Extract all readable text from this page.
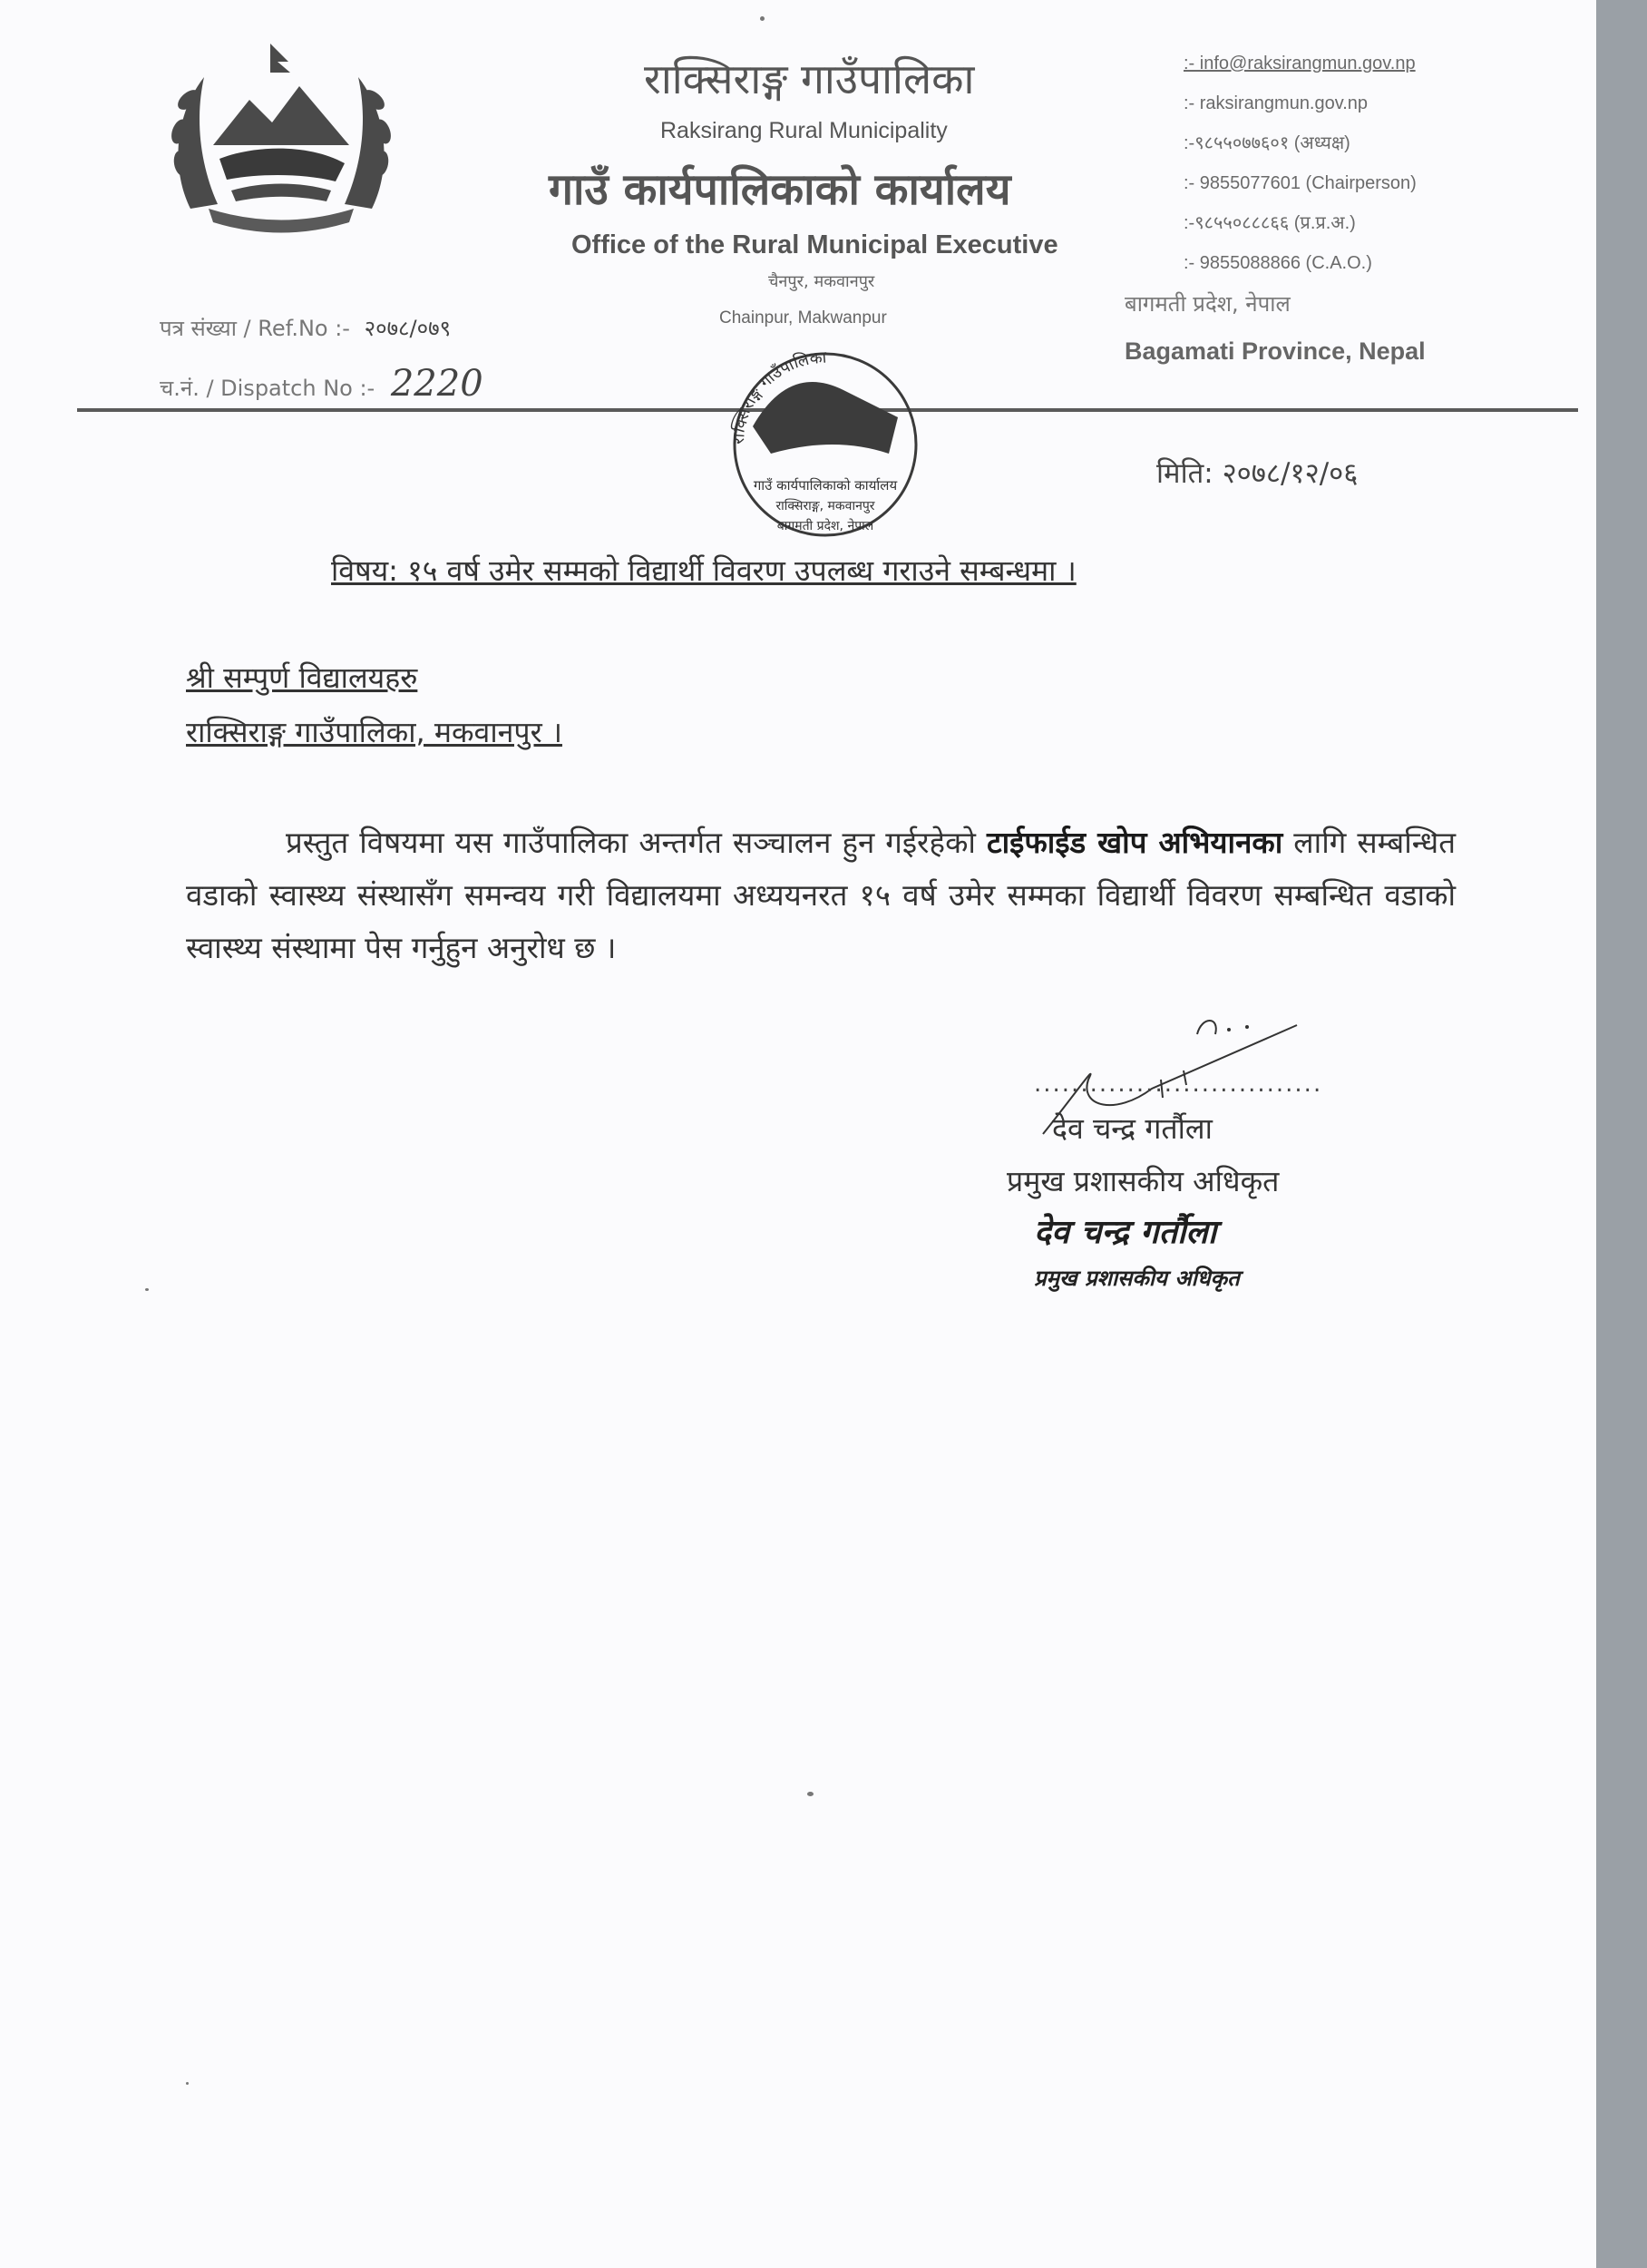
राक्सिराङ्ग गाउँपालिका
Raksirang Rural Municipality
गाउँ कार्यपालिकाको कार्यालय
Office of the Rural Municipal Executive
चैनपुर, मकवानपुर
Chainpur, Makwanpur
:- info@raksirangmun.gov.np
:- raksirangmun.gov.np
:-९८५५०७७६०१ (अध्यक्ष)
:- 9855077601 (Chairperson)
:-९८५५०८८८६६ (प्र.प्र.अ.)
:- 9855088866 (C.A.O.)
पत्र संख्या / Ref.No :- २०७८/०७९
च.नं. / Dispatch No :- 2220
बागमती प्रदेश, नेपाल
Bagamati Province, Nepal
राक्सिराङ्ग गाउँपालिका
गाउँ कार्यपालिकाको कार्यालय
राक्सिराङ्ग, मकवानपुर
बागमती प्रदेश, नेपाल
मिति: २०७८/१२/०६
विषय: १५ वर्ष उमेर सम्मको विद्यार्थी विवरण उपलब्ध गराउने सम्बन्धमा ।
श्री सम्पुर्ण विद्यालयहरु
राक्सिराङ्ग गाउँपालिका, मकवानपुर ।
प्रस्तुत विषयमा यस गाउँपालिका अन्तर्गत सञ्चालन हुन गईरहेको टाईफाईड खोप अभियानका लागि सम्बन्धित वडाको स्वास्थ्य संस्थासँग समन्वय गरी विद्यालयमा अध्ययनरत १५ वर्ष उमेर सम्मका विद्यार्थी विवरण सम्बन्धित वडाको स्वास्थ्य संस्थामा पेस गर्नुहुन अनुरोध छ ।
...............................
देव चन्द्र गर्तौला
प्रमुख प्रशासकीय अधिकृत
देव चन्द्र गर्तौला
प्रमुख प्रशासकीय अधिकृत
